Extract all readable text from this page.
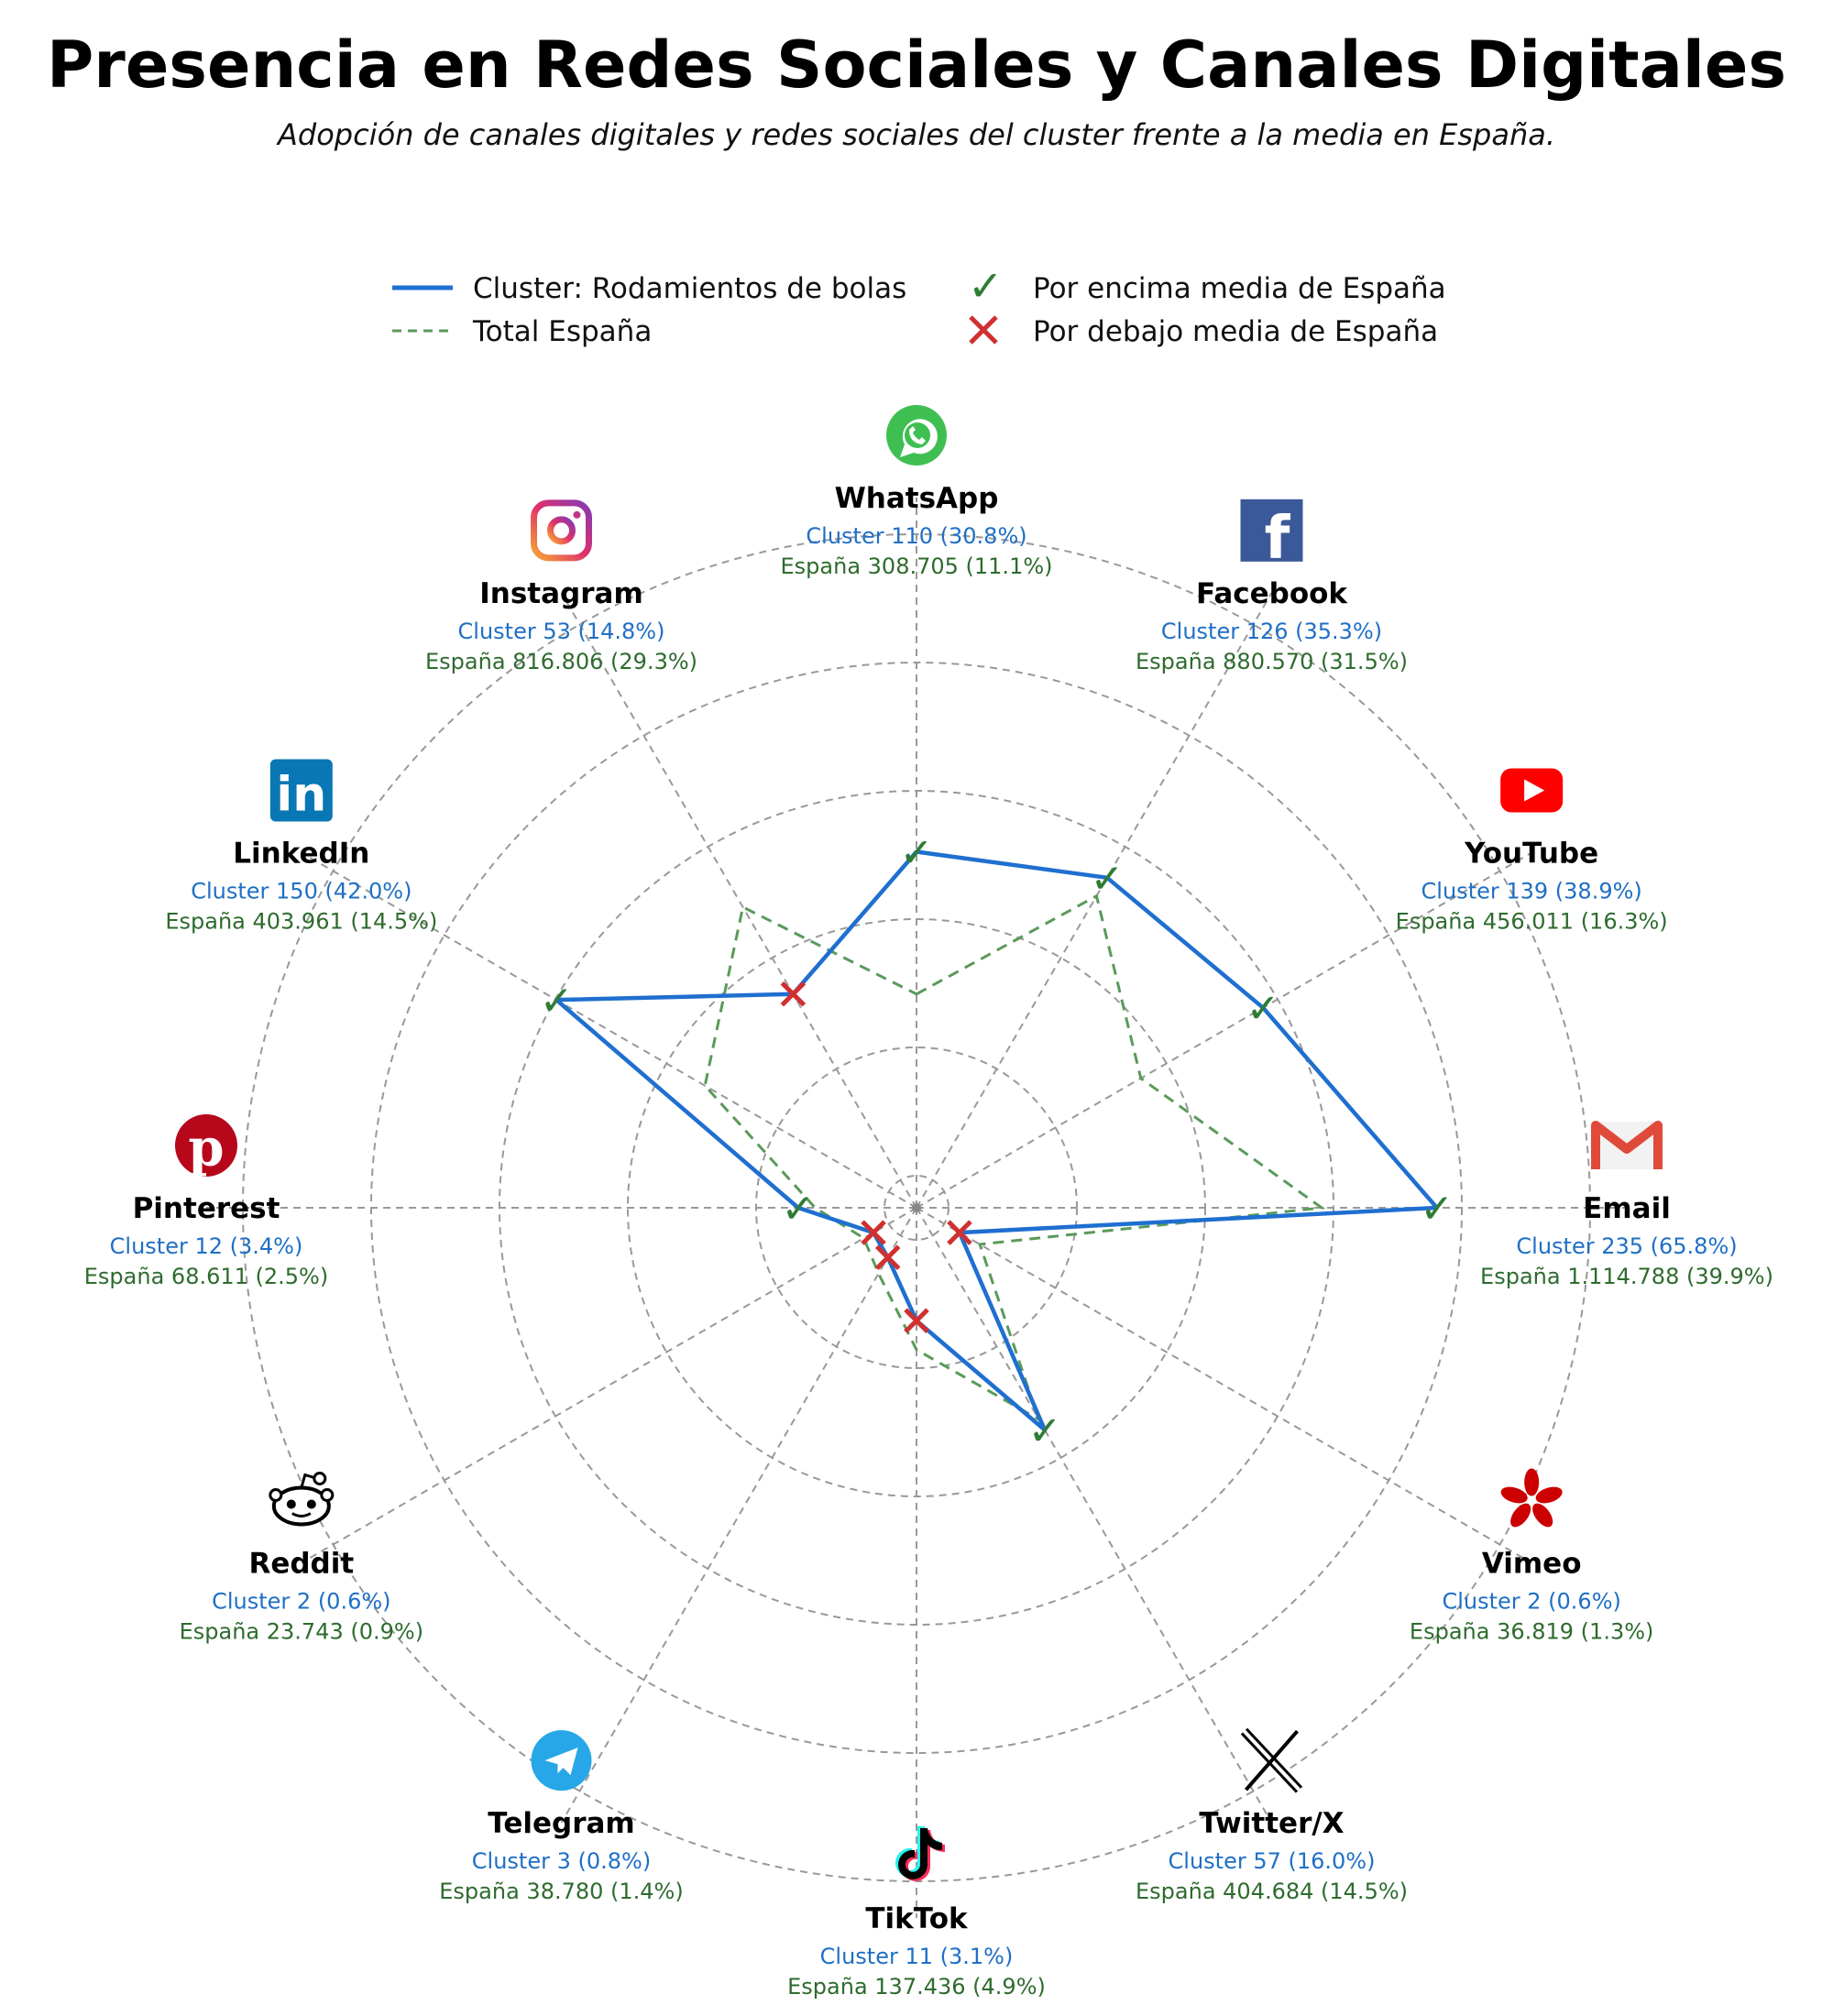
Presencia en Redes Sociales y Canales Digitales
Adopción de canales digitales y redes sociales del cluster frente a la media en España.
Cluster: Rodamientos de bolas
Total España
✓ Por encima media de España
Por debajo media de España
✓
✓
✓
✓
✓
✓
✓
WhatsApp
Cluster 110 (30.8%)
España 308.705 (11.1%)	f
Facebook
Cluster 126 (35.3%)
España 880.570 (31.5%)
YouTube
Cluster 139 (38.9%)
España 456.011 (16.3%)
Email
Cluster 235 (65.8%)
España 1.114.788 (39.9%)
Vimeo
Cluster 2 (0.6%)
España 36.819 (1.3%)
Twitter/X
Cluster 57 (16.0%)
España 404.684 (14.5%)
TikTok
Cluster 11 (3.1%)
España 137.436 (4.9%)
Telegram
Cluster 3 (0.8%)
España 38.780 (1.4%)
Reddit
Cluster 2 (0.6%)
España 23.743 (0.9%)
p
Pinterest
Cluster 12 (3.4%)
España 68.611 (2.5%)
in
LinkedIn
Cluster 150 (42.0%)
España 403.961 (14.5%)
Instagram
Cluster 53 (14.8%)
España 816.806 (29.3%)
